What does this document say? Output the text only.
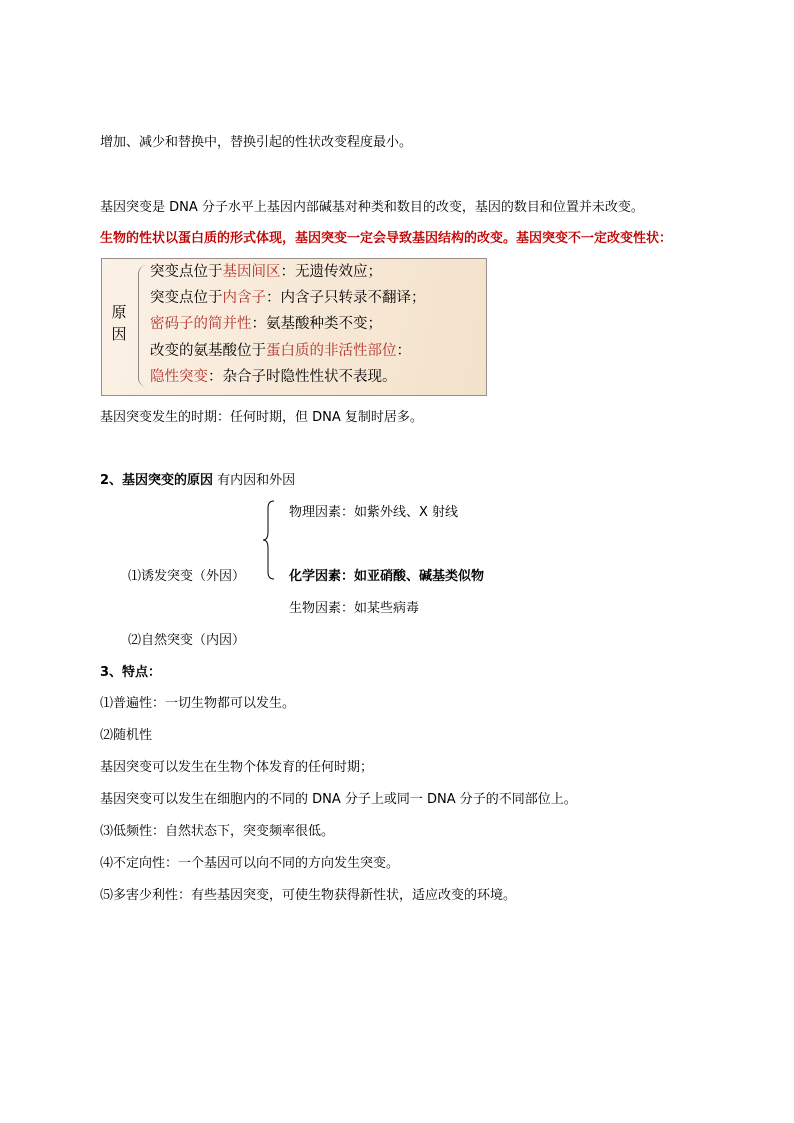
增加、减少和替换中，替换引起的性状改变程度最小。
基因突变是 DNA 分子水平上基因内部碱基对种类和数目的改变，基因的数目和位置并未改变。
生物的性状以蛋白质的形式体现，基因突变一定会导致基因结构的改变。基因突变不一定改变性状：
原因
突变点位于基因间区：无遗传效应；
突变点位于内含子：内含子只转录不翻译；
密码子的简并性：氨基酸种类不变；
改变的氨基酸位于蛋白质的非活性部位：
隐性突变：杂合子时隐性性状不表现。
基因突变发生的时期：任何时期，但 DNA 复制时居多。
2、基因突变的原因 有内因和外因
物理因素：如紫外线、X 射线
⑴诱发突变（外因）	化学因素：如亚硝酸、碱基类似物
生物因素：如某些病毒
⑵自然突变（内因）
3、特点：
⑴普遍性：一切生物都可以发生。
⑵随机性
基因突变可以发生在生物个体发育的任何时期；
基因突变可以发生在细胞内的不同的 DNA 分子上或同一 DNA 分子的不同部位上。
⑶低频性：自然状态下，突变频率很低。
⑷不定向性：一个基因可以向不同的方向发生突变。
⑸多害少利性：有些基因突变，可使生物获得新性状，适应改变的环境。
